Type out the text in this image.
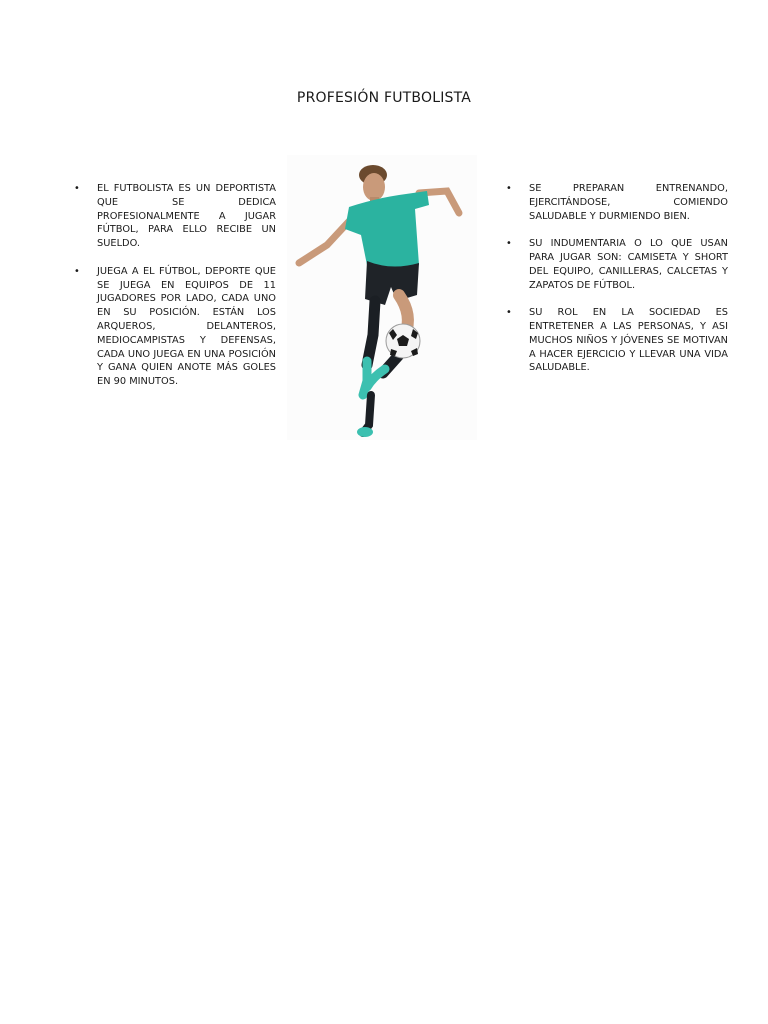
PROFESIÓN FUTBOLISTA
• EL FUTBOLISTA ES UN DEPORTISTA QUE SE DEDICA PROFESIONALMENTE A JUGAR FÚTBOL, PARA ELLO RECIBE UN SUELDO.
• JUEGA A EL FÚTBOL, DEPORTE QUE SE JUEGA EN EQUIPOS DE 11 JUGADORES POR LADO, CADA UNO EN SU POSICIÓN. ESTÁN LOS ARQUEROS, DELANTEROS, MEDIOCAMPISTAS Y DEFENSAS, CADA UNO JUEGA EN UNA POSICIÓN Y GANA QUIEN ANOTE MÁS GOLES EN 90 MINUTOS.
• SE PREPARAN ENTRENANDO, EJERCITÁNDOSE, COMIENDO SALUDABLE Y DURMIENDO BIEN.
• SU INDUMENTARIA O LO QUE USAN PARA JUGAR SON: CAMISETA Y SHORT DEL EQUIPO, CANILLERAS, CALCETAS Y ZAPATOS DE FÚTBOL.
• SU ROL EN LA SOCIEDAD ES ENTRETENER A LAS PERSONAS, Y ASI MUCHOS NIÑOS Y JÓVENES SE MOTIVAN A HACER EJERCICIO Y LLEVAR UNA VIDA SALUDABLE.
